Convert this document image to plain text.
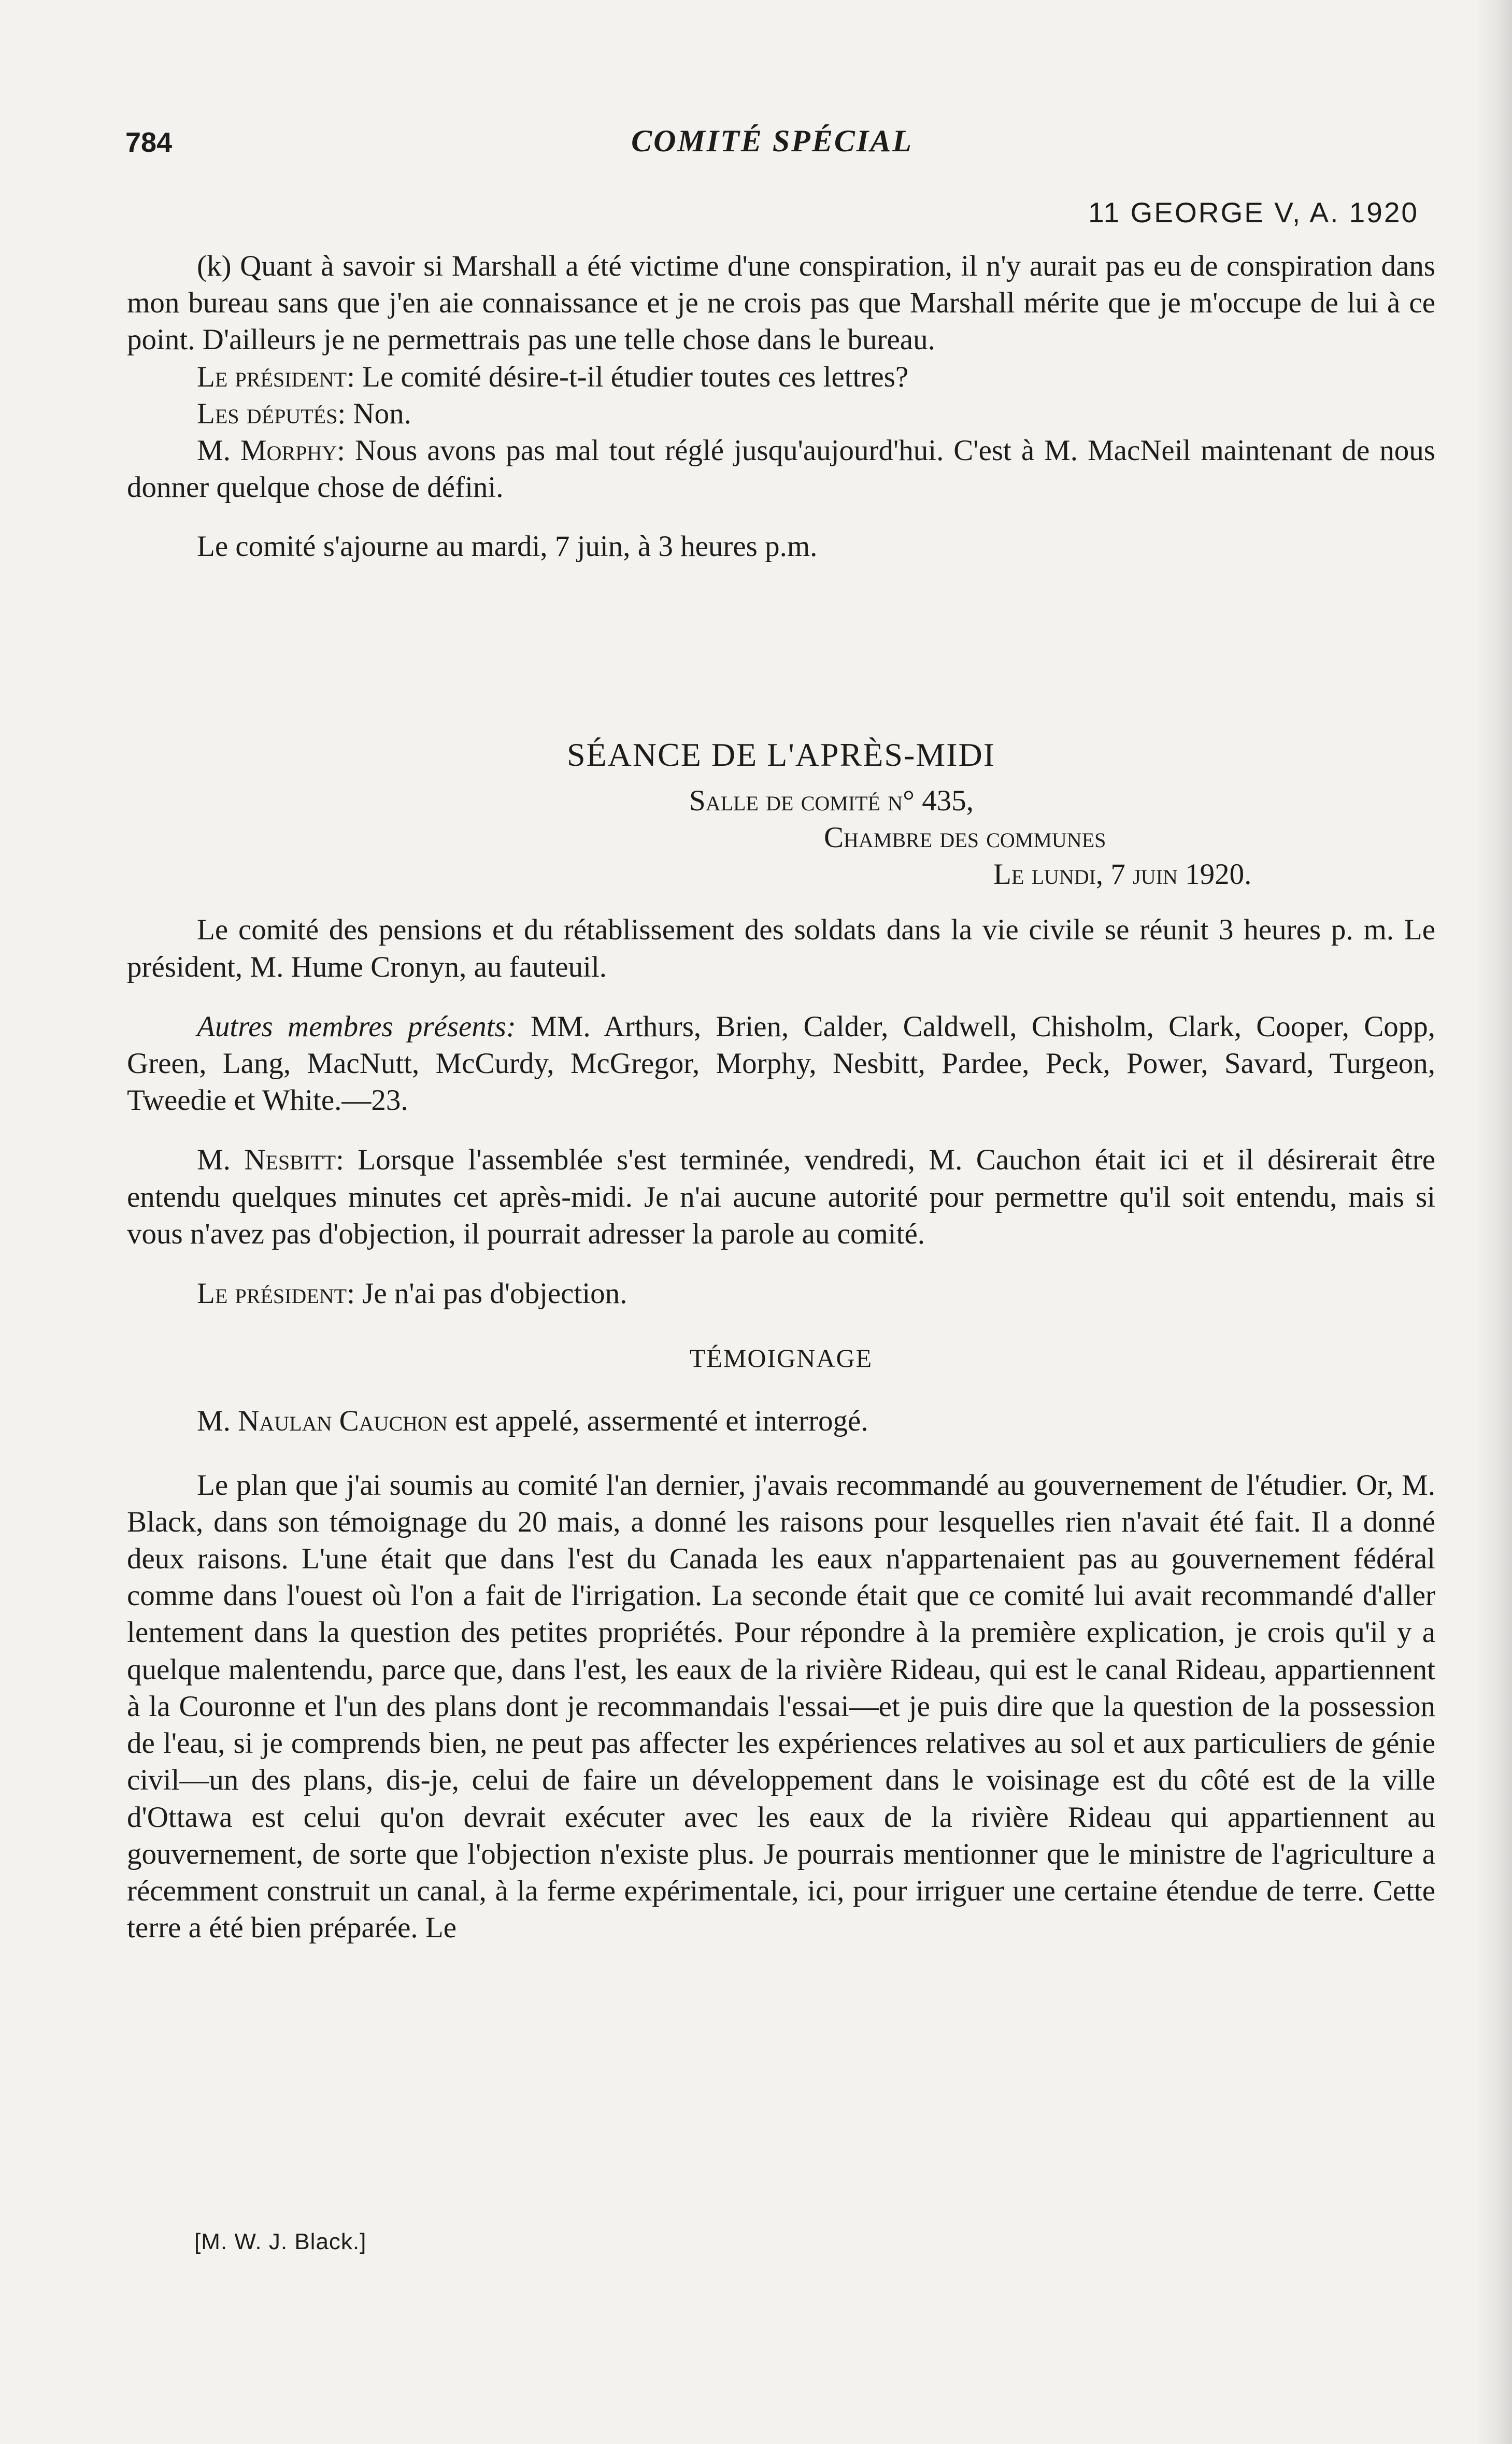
784	COMITÉ SPÉCIAL
11 GEORGE V, A. 1920

(k) Quant à savoir si Marshall a été victime d'une conspiration, il n'y aurait pas eu de conspiration dans mon bureau sans que j'en aie connaissance et je ne crois pas que Marshall mérite que je m'occupe de lui à ce point. D'ailleurs je ne permettrais pas une telle chose dans le bureau.

Le président: Le comité désire-t-il étudier toutes ces lettres?

Les députés: Non.

M. Morphy: Nous avons pas mal tout réglé jusqu'aujourd'hui. C'est à M. MacNeil maintenant de nous donner quelque chose de défini.

Le comité s'ajourne au mardi, 7 juin, à 3 heures p.m.

SÉANCE DE L'APRÈS-MIDI

Salle de comité n° 435,

Chambre des communes

Le lundi, 7 juin 1920.

Le comité des pensions et du rétablissement des soldats dans la vie civile se réunit 3 heures p. m. Le président, M. Hume Cronyn, au fauteuil.

Autres membres présents: MM. Arthurs, Brien, Calder, Caldwell, Chisholm, Clark, Cooper, Copp, Green, Lang, MacNutt, McCurdy, McGregor, Morphy, Nesbitt, Pardee, Peck, Power, Savard, Turgeon, Tweedie et White.—23.

M. Nesbitt: Lorsque l'assemblée s'est terminée, vendredi, M. Cauchon était ici et il désirerait être entendu quelques minutes cet après-midi. Je n'ai aucune autorité pour permettre qu'il soit entendu, mais si vous n'avez pas d'objection, il pourrait adresser la parole au comité.

Le président: Je n'ai pas d'objection.

TÉMOIGNAGE

M. Naulan Cauchon est appelé, assermenté et interrogé.

Le plan que j'ai soumis au comité l'an dernier, j'avais recommandé au gouvernement de l'étudier. Or, M. Black, dans son témoignage du 20 mais, a donné les raisons pour lesquelles rien n'avait été fait. Il a donné deux raisons. L'une était que dans l'est du Canada les eaux n'appartenaient pas au gouvernement fédéral comme dans l'ouest où l'on a fait de l'irrigation. La seconde était que ce comité lui avait recommandé d'aller lentement dans la question des petites propriétés. Pour répondre à la première explication, je crois qu'il y a quelque malentendu, parce que, dans l'est, les eaux de la rivière Rideau, qui est le canal Rideau, appartiennent à la Couronne et l'un des plans dont je recommandais l'essai—et je puis dire que la question de la possession de l'eau, si je comprends bien, ne peut pas affecter les expériences relatives au sol et aux particuliers de génie civil—un des plans, dis-je, celui de faire un développement dans le voisinage est du côté est de la ville d'Ottawa est celui qu'on devrait exécuter avec les eaux de la rivière Rideau qui appartiennent au gouvernement, de sorte que l'objection n'existe plus. Je pourrais mentionner que le ministre de l'agriculture a récemment construit un canal, à la ferme expérimentale, ici, pour irriguer une certaine étendue de terre. Cette terre a été bien préparée. Le

[M. W. J. Black.]
